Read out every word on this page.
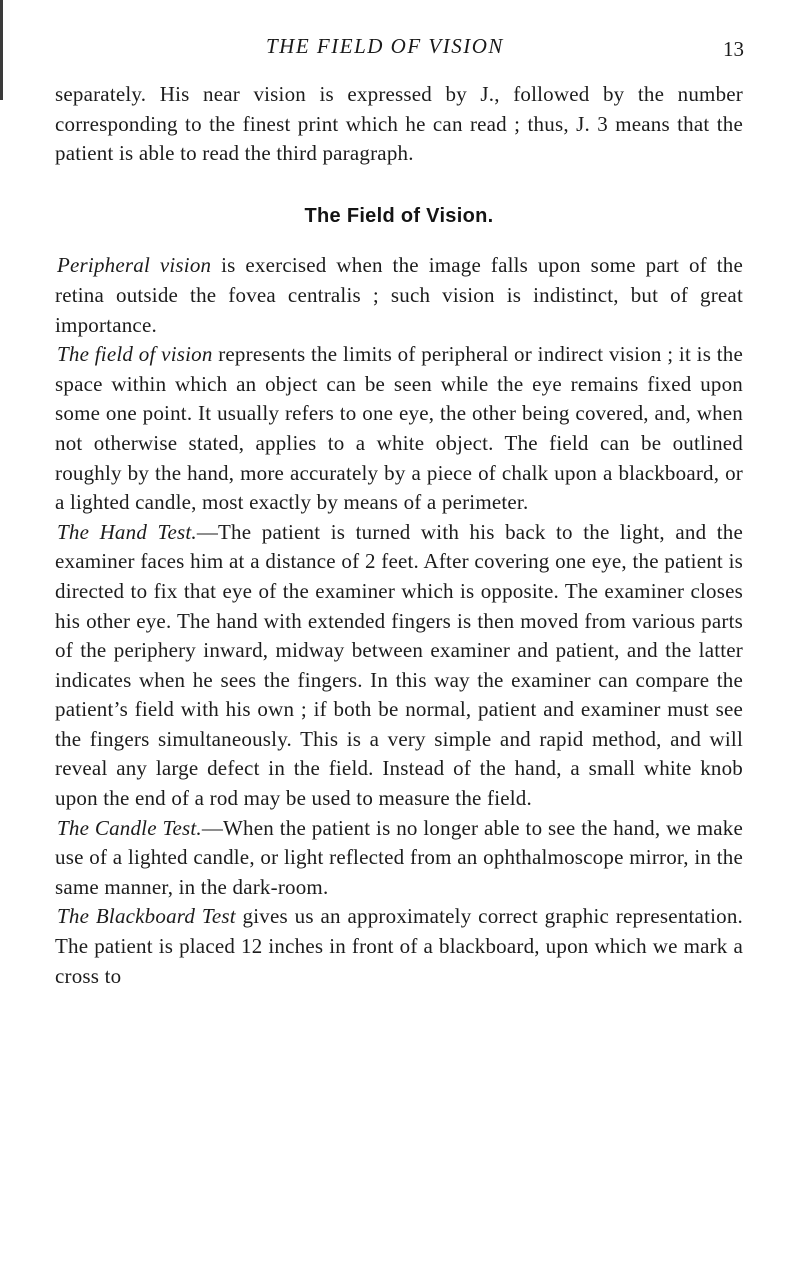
THE FIELD OF VISION	13

separately. His near vision is expressed by J., followed by the number corresponding to the finest print which he can read ; thus, J. 3 means that the patient is able to read the third paragraph.

The Field of Vision.

Peripheral vision is exercised when the image falls upon some part of the retina outside the fovea centralis ; such vision is indistinct, but of great importance.

The field of vision represents the limits of peripheral or indirect vision ; it is the space within which an object can be seen while the eye remains fixed upon some one point. It usually refers to one eye, the other being covered, and, when not otherwise stated, applies to a white object. The field can be outlined roughly by the hand, more accurately by a piece of chalk upon a blackboard, or a lighted candle, most exactly by means of a perimeter.

The Hand Test.—The patient is turned with his back to the light, and the examiner faces him at a distance of 2 feet. After covering one eye, the patient is directed to fix that eye of the examiner which is opposite. The examiner closes his other eye. The hand with extended fingers is then moved from various parts of the periphery inward, midway between examiner and patient, and the latter indicates when he sees the fingers. In this way the examiner can compare the patient’s field with his own ; if both be normal, patient and examiner must see the fingers simultaneously. This is a very simple and rapid method, and will reveal any large defect in the field. Instead of the hand, a small white knob upon the end of a rod may be used to measure the field.

The Candle Test.—When the patient is no longer able to see the hand, we make use of a lighted candle, or light reflected from an ophthalmoscope mirror, in the same manner, in the dark-room.

The Blackboard Test gives us an approximately correct graphic representation. The patient is placed 12 inches in front of a blackboard, upon which we mark a cross to
